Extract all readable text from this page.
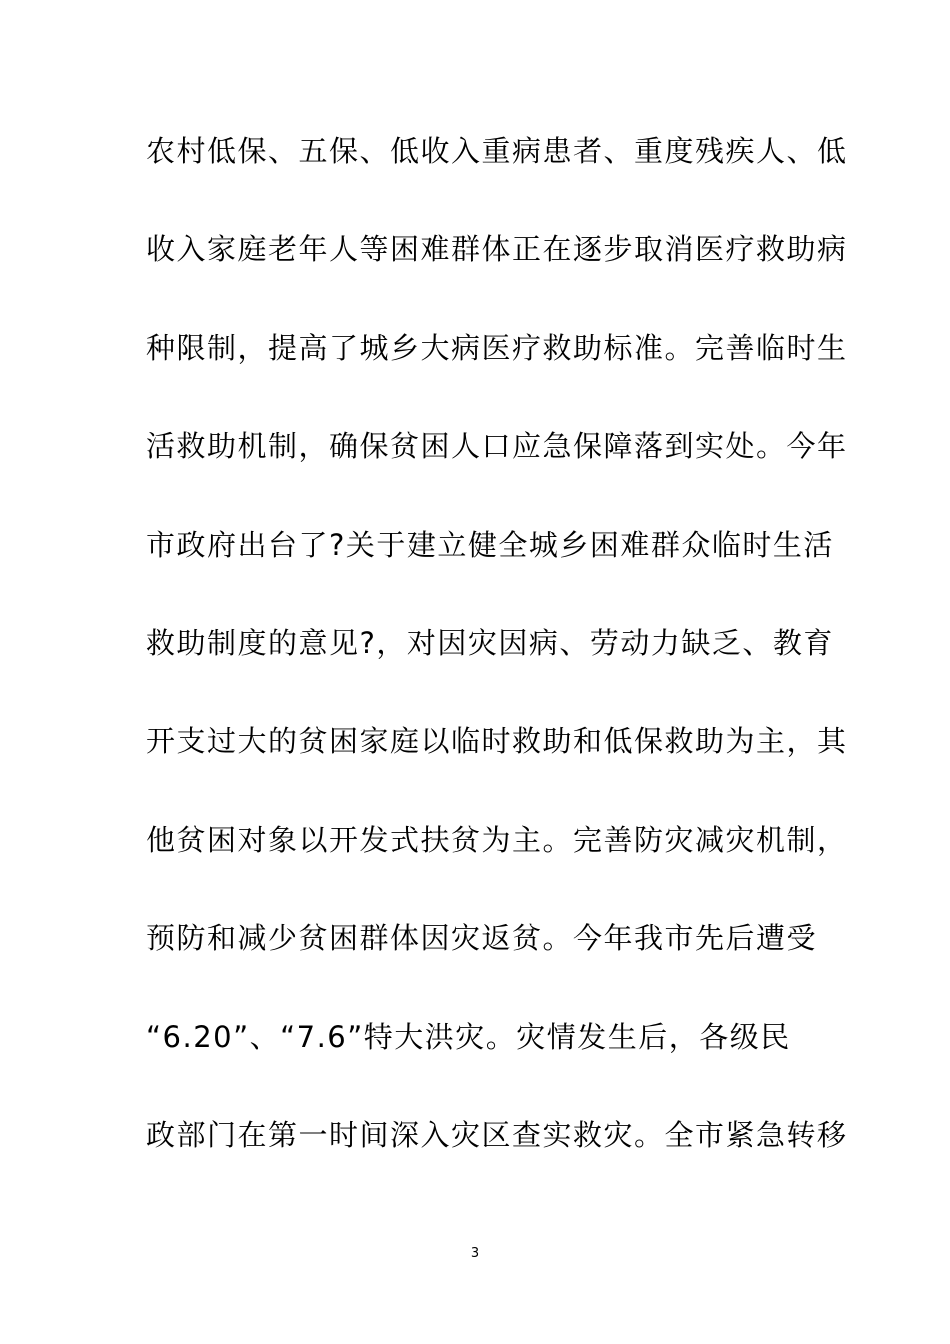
农村低保、五保、低收入重病患者、重度残疾人、低
收入家庭老年人等困难群体正在逐步取消医疗救助病
种限制，提高了城乡大病医疗救助标准。完善临时生
活救助机制，确保贫困人口应急保障落到实处。今年
市政府出台了?关于建立健全城乡困难群众临时生活
救助制度的意见?，对因灾因病、劳动力缺乏、教育
开支过大的贫困家庭以临时救助和低保救助为主，其
他贫困对象以开发式扶贫为主。完善防灾减灾机制，
预防和减少贫困群体因灾返贫。今年我市先后遭受
“6.20”、“7.6”特大洪灾。灾情发生后，各级民
政部门在第一时间深入灾区查实救灾。全市紧急转移
3
